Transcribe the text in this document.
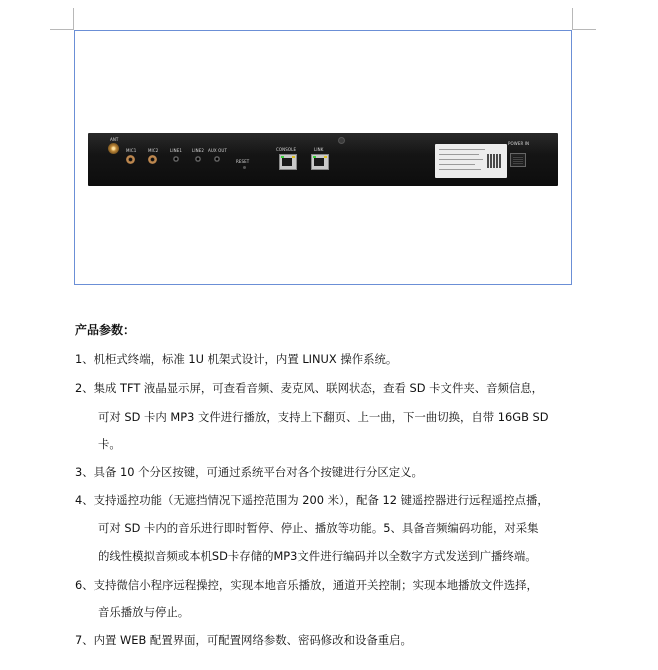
ANT
MIC1	MIC2	LINE1	LINE2 AUX OUT
RESET
CONSOLE	LINK
POWER IN
产品参数：
1、机柜式终端，标准 1U 机架式设计，内置 LINUX 操作系统。
2、集成 TFT 液晶显示屏，可查看音频、麦克风、联网状态，查看 SD 卡文件夹、音频信息，
可对 SD 卡内 MP3 文件进行播放，支持上下翻页、上一曲，下一曲切换，自带 16GB SD
卡。
3、具备 10 个分区按键，可通过系统平台对各个按键进行分区定义。
4、支持遥控功能（无遮挡情况下遥控范围为 200 米），配备 12 键遥控器进行远程遥控点播，
可对 SD 卡内的音乐进行即时暂停、停止、播放等功能。5、具备音频编码功能，对采集
的线性模拟音频或本机SD卡存储的MP3文件进行编码并以全数字方式发送到广播终端。
6、支持微信小程序远程操控，实现本地音乐播放，通道开关控制；实现本地播放文件选择，
音乐播放与停止。
7、内置 WEB 配置界面，可配置网络参数、密码修改和设备重启。
